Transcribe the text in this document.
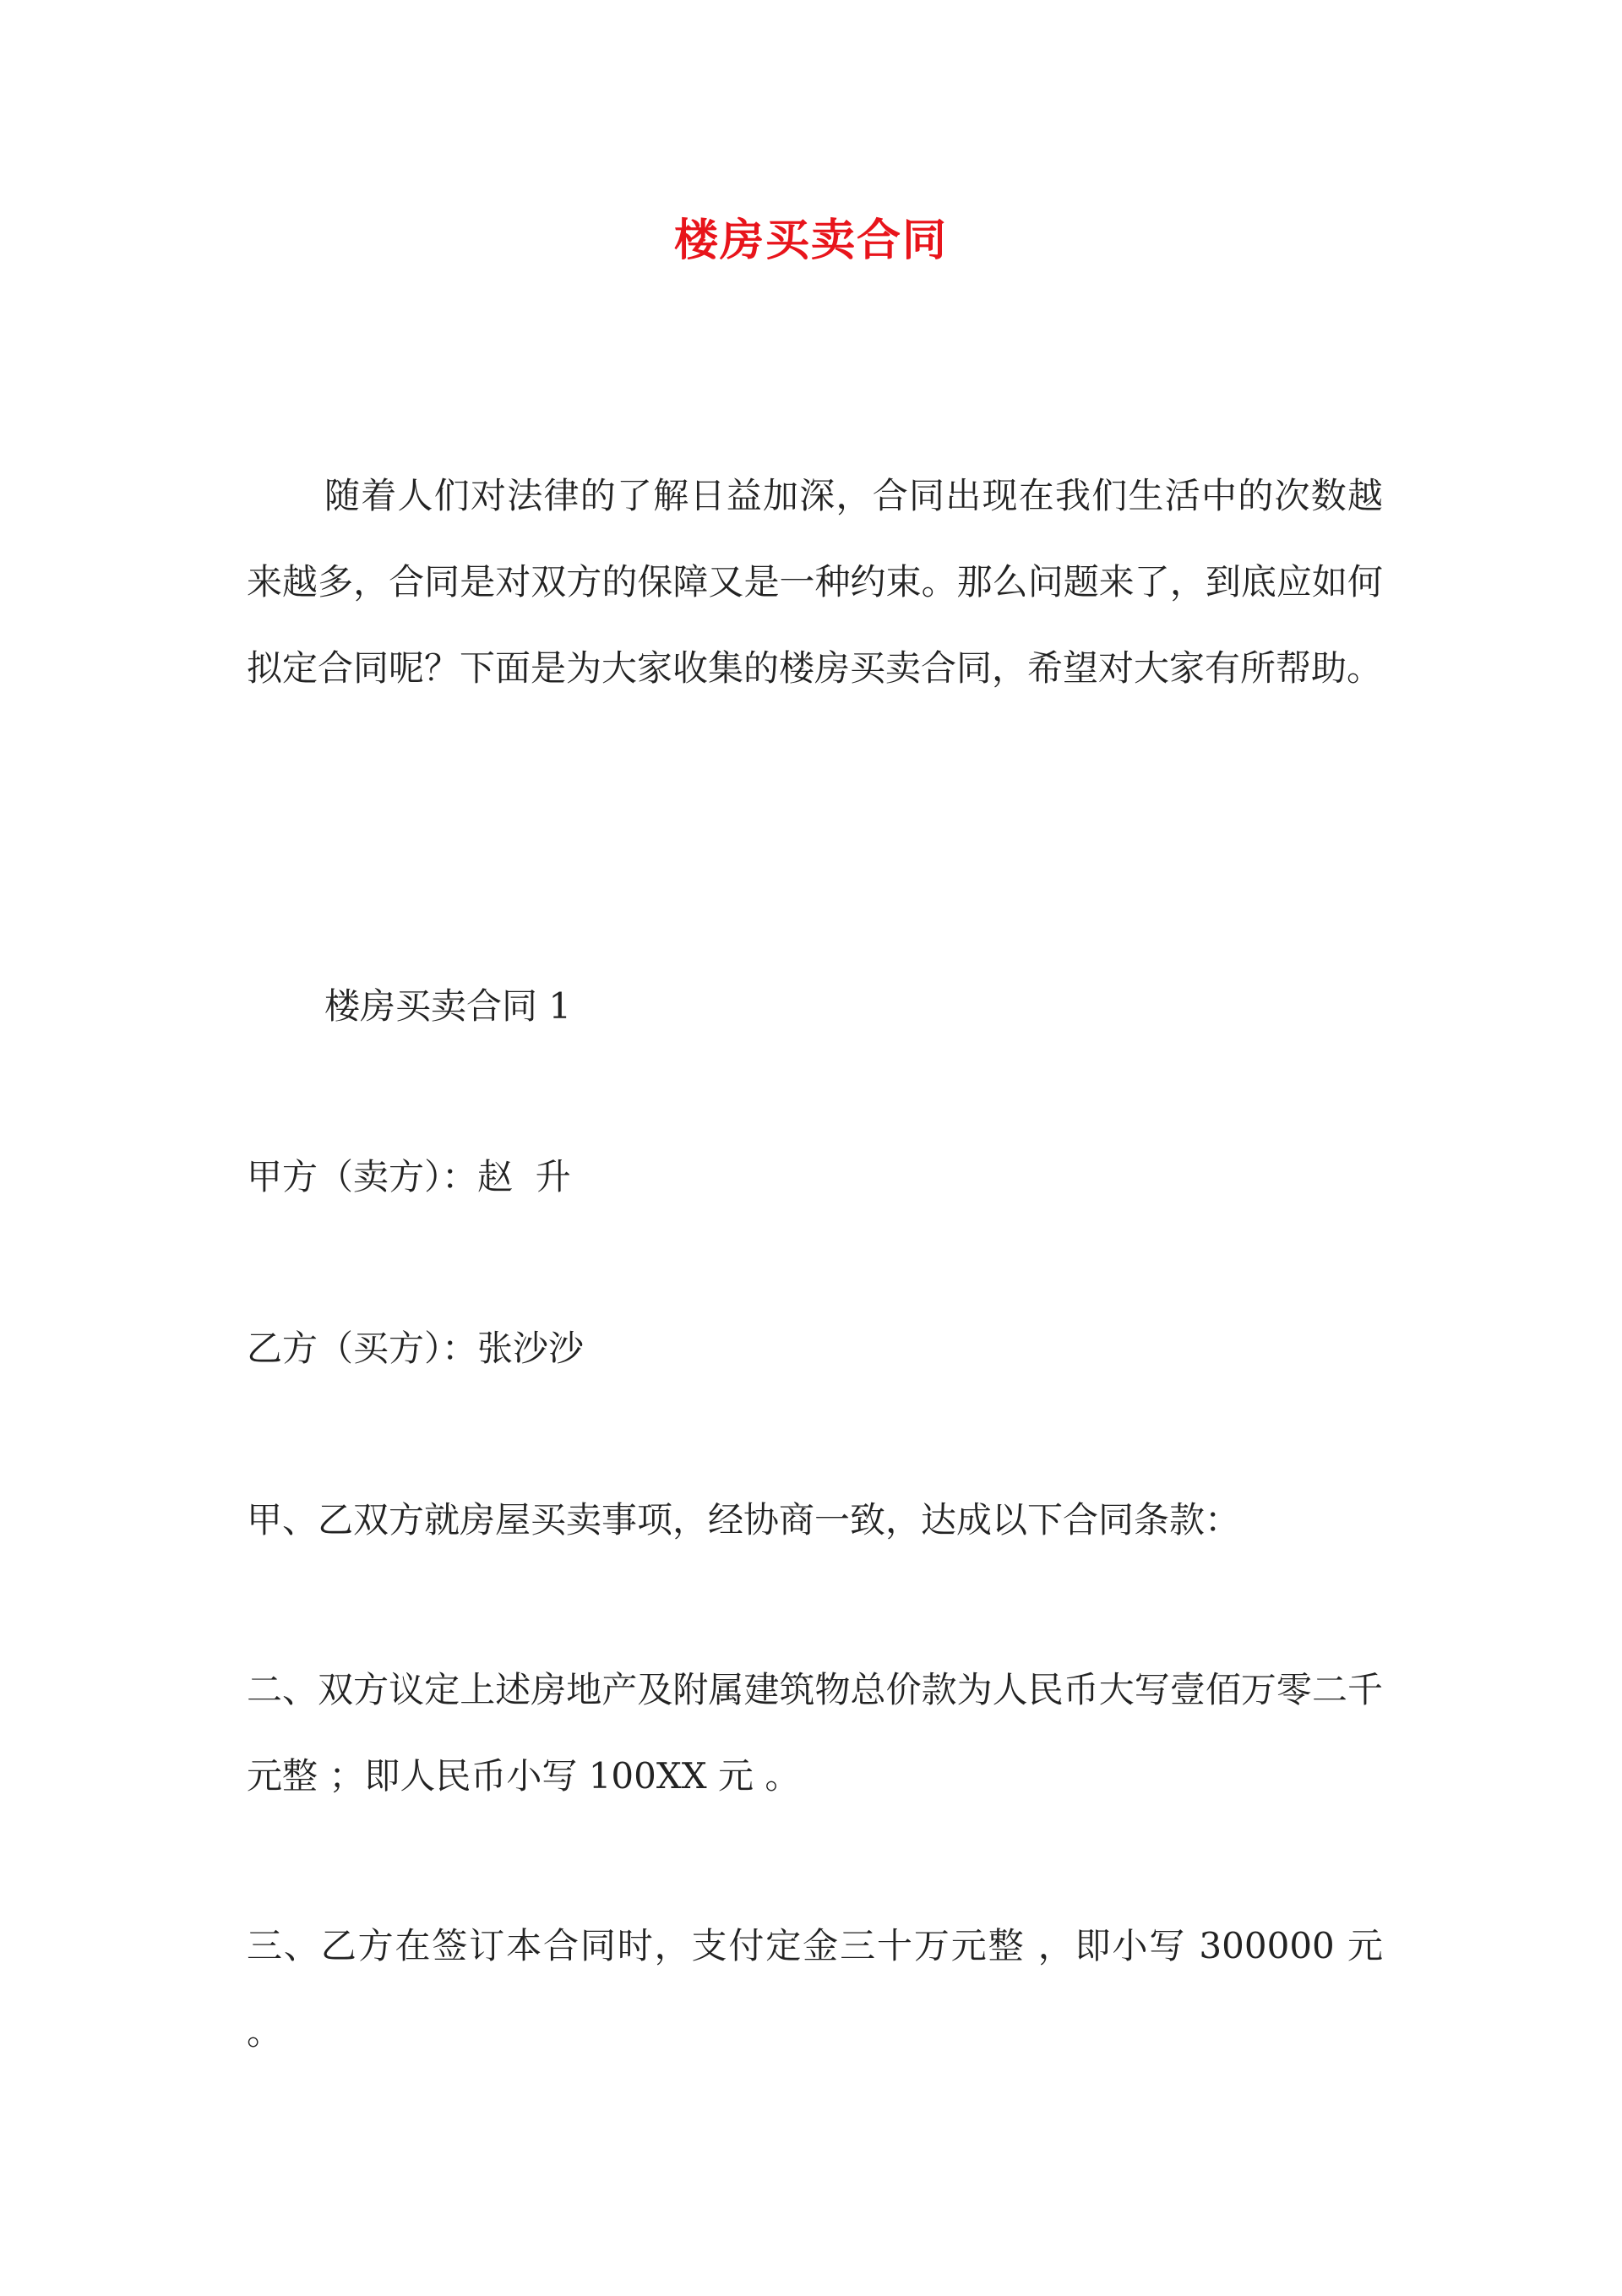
楼房买卖合同

随着人们对法律的了解日益加深，合同出现在我们生活中的次数越来越多，合同是对双方的保障又是一种约束。那么问题来了，到底应如何拟定合同呢？下面是为大家收集的楼房买卖合同，希望对大家有所帮助。

楼房买卖合同 1

甲方（卖方）：赵  升

乙方（买方）：张沙沙

甲、乙双方就房屋买卖事项，经协商一致，达成以下合同条款：

二、双方议定上述房地产及附属建筑物总价款为人民币大写壹佰万零二千元整 ；即人民币小写 100XX 元 。

三、乙方在签订本合同时，支付定金三十万元整 ，即小写 300000 元 。
